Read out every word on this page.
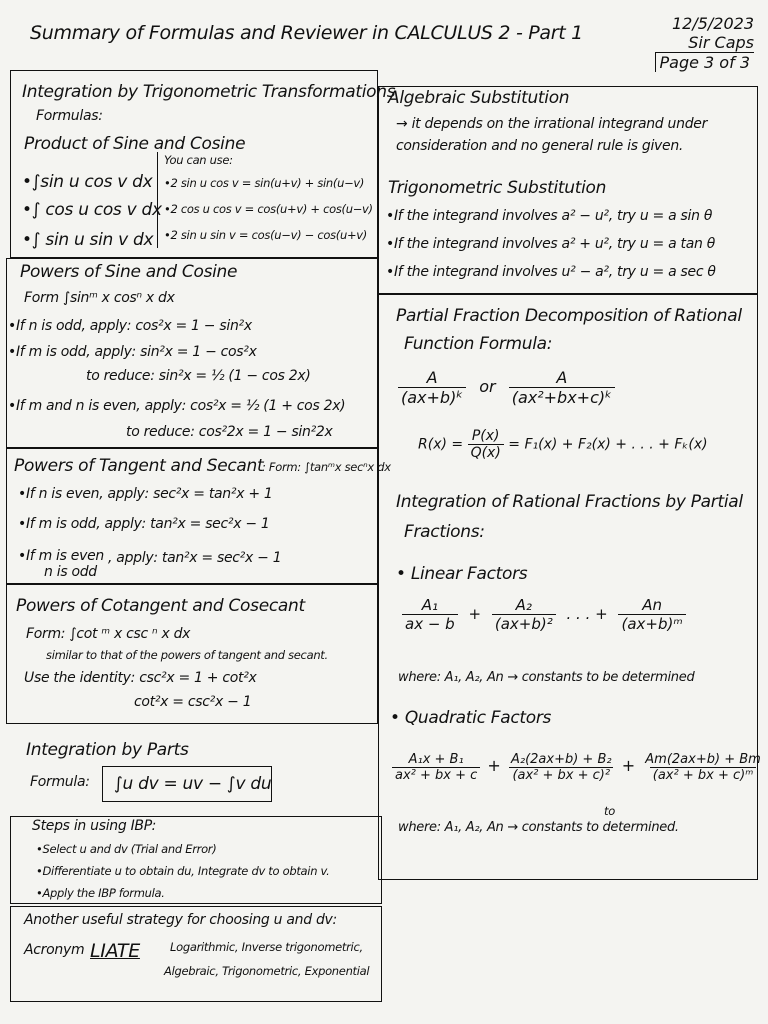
Summary of Formulas and Reviewer in CALCULUS 2 - Part 1	12/5/2023
Sir Caps
Page 3 of 3
Integration by Trigonometric Transformations
Formulas:
Product of Sine and Cosine
•∫sin u cos v dx
•∫ cos u cos v dx
•∫ sin u sin v dx
You can use:
•2 sin u cos v = sin(u+v) + sin(u−v)
•2 cos u cos v = cos(u+v) + cos(u−v)
•2 sin u sin v = cos(u−v) − cos(u+v)
Powers of Sine and Cosine
Form ∫sinᵐ x cosⁿ x dx
•If n is odd, apply: cos²x = 1 − sin²x
•If m is odd, apply: sin²x = 1 − cos²x
to reduce: sin²x = ½ (1 − cos 2x)
•If m and n is even, apply: cos²x = ½ (1 + cos 2x)
to reduce: cos²2x = 1 − sin²2x
Powers of Tangent and Secant
: Form: ∫tanᵐx secⁿx dx
•If n is even, apply: sec²x = tan²x + 1
•If m is odd, apply: tan²x = sec²x − 1
•If m is even
n is odd
, apply: tan²x = sec²x − 1
Powers of Cotangent and Cosecant
Form: ∫cot ᵐ x csc ⁿ x dx
similar to that of the powers of tangent and secant.
Use the identity: csc²x = 1 + cot²x
cot²x = csc²x − 1
Integration by Parts
Formula: ∫u dv = uv − ∫v du
Steps in using IBP:
•Select u and dv (Trial and Error)
•Differentiate u to obtain du, Integrate dv to obtain v.
•Apply the IBP formula.
Another useful strategy for choosing u and dv:
Acronym LIATE	Logarithmic, Inverse trigonometric,
Algebraic, Trigonometric, Exponential
Algebraic Substitution
→ it depends on the irrational integrand under
consideration and no general rule is given.
Trigonometric Substitution
•If the integrand involves a² − u², try u = a sin θ
•If the integrand involves a² + u², try u = a tan θ
•If the integrand involves u² − a², try u = a sec θ
Partial Fraction Decomposition of Rational
Function Formula:
$\frac{A}{\text{(ax+b)ᵏ}}$ or $\frac{A}{\text{(ax²+bx+c)ᵏ}}$
$R(x) = \frac{P(x)}{Q(x)} = F_1(x) + F_2(x)$ + . . . + Fₖ(x)
Integration of Rational Fractions by Partial
Fractions:
• Linear Factors
$\frac{\text{A₁}}{ax - b} + \frac{\text{A₂}}{\text{(ax+b)²}}$ . . . + $\frac{An}{\text{(ax+b)ᵐ}}$
where: A₁, A₂, An → constants to be determined
• Quadratic Factors
$\frac{\text{A₁x + B₁}}{\text{ax² + bx + c}} + \frac{\text{A₂(2ax+b) + B₂}}{\text{(ax² + bx + c)²}} + \frac{Am(2ax+b) + Bm}{\text{(ax² + bx + c)ᵐ}}$
to
where: A₁, A₂, An → constants to determined.
